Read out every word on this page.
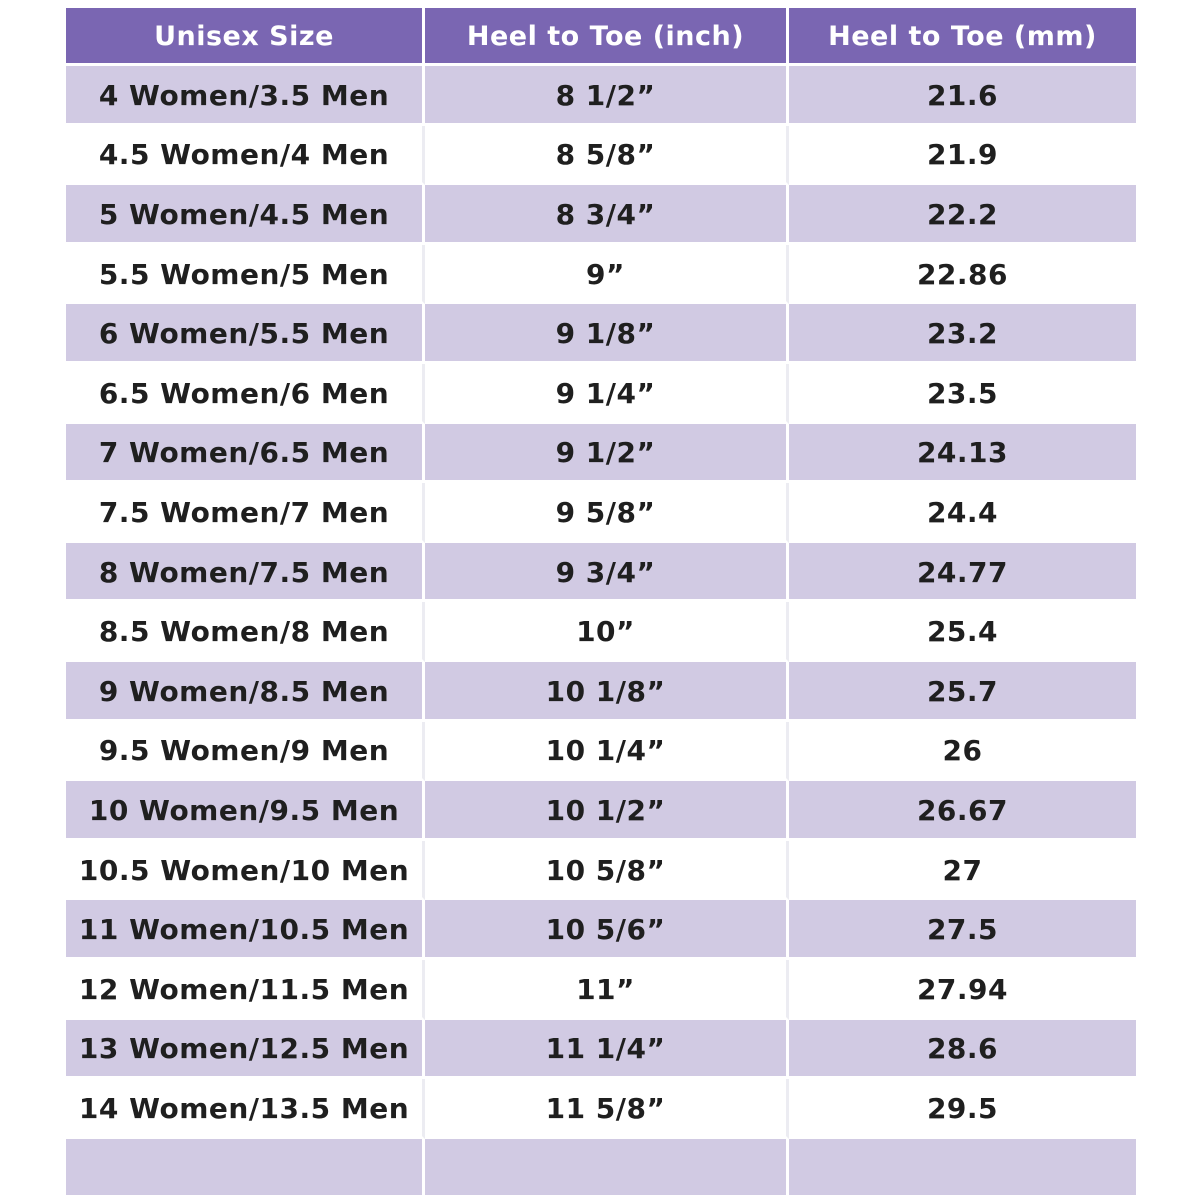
Unisex Size	Heel to Toe (inch)	Heel to Toe (mm)
4 Women/3.5 Men	8 1/2”	21.6
4.5 Women/4 Men	8 5/8”	21.9
5 Women/4.5 Men	8 3/4”	22.2
5.5 Women/5 Men	9”	22.86
6 Women/5.5 Men	9 1/8”	23.2
6.5 Women/6 Men	9 1/4”	23.5
7 Women/6.5 Men	9 1/2”	24.13
7.5 Women/7 Men	9 5/8”	24.4
8 Women/7.5 Men	9 3/4”	24.77
8.5 Women/8 Men	10”	25.4
9 Women/8.5 Men	10 1/8”	25.7
9.5 Women/9 Men	10 1/4”	26
10 Women/9.5 Men	10 1/2”	26.67
10.5 Women/10 Men	10 5/8”	27
11 Women/10.5 Men	10 5/6”	27.5
12 Women/11.5 Men	11”	27.94
13 Women/12.5 Men	11 1/4”	28.6
14 Women/13.5 Men	11 5/8”	29.5
